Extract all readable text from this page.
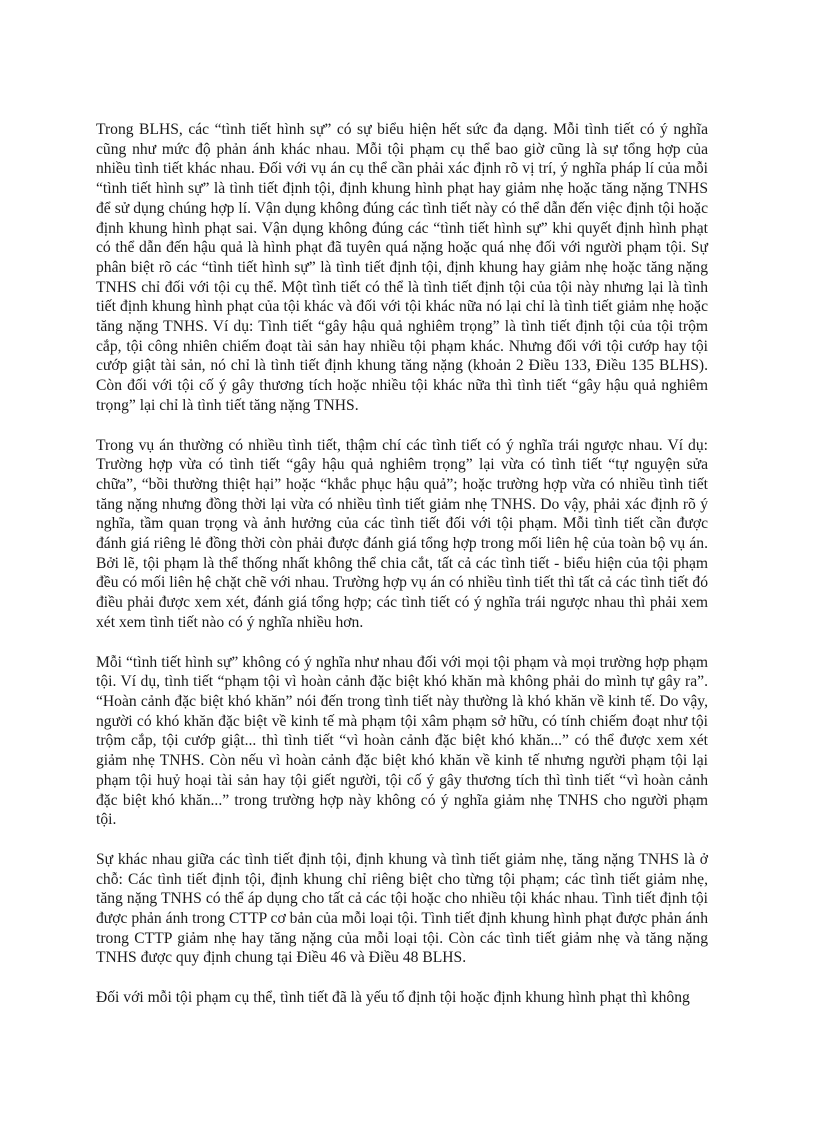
Trong BLHS, các “tình tiết hình sự” có sự biểu hiện hết sức đa dạng. Mỗi tình tiết có ý nghĩa cũng như mức độ phản ánh khác nhau. Mỗi tội phạm cụ thể bao giờ cũng là sự tổng hợp của nhiều tình tiết khác nhau. Đối với vụ án cụ thể cần phải xác định rõ vị trí, ý nghĩa pháp lí của mỗi “tình tiết hình sự” là tình tiết định tội, định khung hình phạt hay giảm nhẹ hoặc tăng nặng TNHS để sử dụng chúng hợp lí. Vận dụng không đúng các tình tiết này có thể dẫn đến việc định tội hoặc định khung hình phạt sai. Vận dụng không đúng các “tình tiết hình sự” khi quyết định hình phạt có thể dẫn đến hậu quả là hình phạt đã tuyên quá nặng hoặc quá nhẹ đối với người phạm tội. Sự phân biệt rõ các “tình tiết hình sự” là tình tiết định tội, định khung hay giảm nhẹ hoặc tăng nặng TNHS chỉ đối với tội cụ thể. Một tình tiết có thể là tình tiết định tội của tội này nhưng lại là tình tiết định khung hình phạt của tội khác và đối với tội khác nữa nó lại chỉ là tình tiết giảm nhẹ hoặc tăng nặng TNHS. Ví dụ: Tình tiết “gây hậu quả nghiêm trọng” là tình tiết định tội của tội trộm cắp, tội công nhiên chiếm đoạt tài sản hay nhiều tội phạm khác. Nhưng đối với tội cướp hay tội cướp giật tài sản, nó chỉ là tình tiết định khung tăng nặng (khoản 2 Điều 133, Điều 135 BLHS). Còn đối với tội cố ý gây thương tích hoặc nhiều tội khác nữa thì tình tiết “gây hậu quả nghiêm trọng” lại chỉ là tình tiết tăng nặng TNHS.

Trong vụ án thường có nhiều tình tiết, thậm chí các tình tiết có ý nghĩa trái ngược nhau. Ví dụ: Trường hợp vừa có tình tiết “gây hậu quả nghiêm trọng” lại vừa có tình tiết “tự nguyện sửa chữa”, “bồi thường thiệt hại” hoặc “khắc phục hậu quả”; hoặc trường hợp vừa có nhiều tình tiết tăng nặng nhưng đồng thời lại vừa có nhiều tình tiết giảm nhẹ TNHS. Do vậy, phải xác định rõ ý nghĩa, tầm quan trọng và ảnh hưởng của các tình tiết đối với tội phạm. Mỗi tình tiết cần được đánh giá riêng lẻ đồng thời còn phải được đánh giá tổng hợp trong mối liên hệ của toàn bộ vụ án. Bởi lẽ, tội phạm là thể thống nhất không thể chia cắt, tất cả các tình tiết - biểu hiện của tội phạm đều có mối liên hệ chặt chẽ với nhau. Trường hợp vụ án có nhiều tình tiết thì tất cả các tình tiết đó điều phải được xem xét, đánh giá tổng hợp; các tình tiết có ý nghĩa trái ngược nhau thì phải xem xét xem tình tiết nào có ý nghĩa nhiều hơn.

Mỗi “tình tiết hình sự” không có ý nghĩa như nhau đối với mọi tội phạm và mọi trường hợp phạm tội. Ví dụ, tình tiết “phạm tội vì hoàn cảnh đặc biệt khó khăn mà không phải do mình tự gây ra”. “Hoàn cảnh đặc biệt khó khăn” nói đến trong tình tiết này thường là khó khăn về kinh tế. Do vậy, người có khó khăn đặc biệt về kinh tế mà phạm tội xâm phạm sở hữu, có tính chiếm đoạt như tội trộm cắp, tội cướp giật... thì tình tiết “vì hoàn cảnh đặc biệt khó khăn...” có thể được xem xét giảm nhẹ TNHS. Còn nếu vì hoàn cảnh đặc biệt khó khăn về kinh tế nhưng người phạm tội lại phạm tội huỷ hoại tài sản hay tội giết người, tội cố ý gây thương tích thì tình tiết “vì hoàn cảnh đặc biệt khó khăn...” trong trường hợp này không có ý nghĩa giảm nhẹ TNHS cho người phạm tội.

Sự khác nhau giữa các tình tiết định tội, định khung và tình tiết giảm nhẹ, tăng nặng TNHS là ở chỗ: Các tình tiết định tội, định khung chỉ riêng biệt cho từng tội phạm; các tình tiết giảm nhẹ, tăng nặng TNHS có thể áp dụng cho tất cả các tội hoặc cho nhiều tội khác nhau. Tình tiết định tội được phản ánh trong CTTP cơ bản của mỗi loại tội. Tình tiết định khung hình phạt được phản ánh trong CTTP giảm nhẹ hay tăng nặng của mỗi loại tội. Còn các tình tiết giảm nhẹ và tăng nặng TNHS được quy định chung tại Điều 46 và Điều 48 BLHS.

Đối với mỗi tội phạm cụ thể, tình tiết đã là yếu tố định tội hoặc định khung hình phạt thì không
